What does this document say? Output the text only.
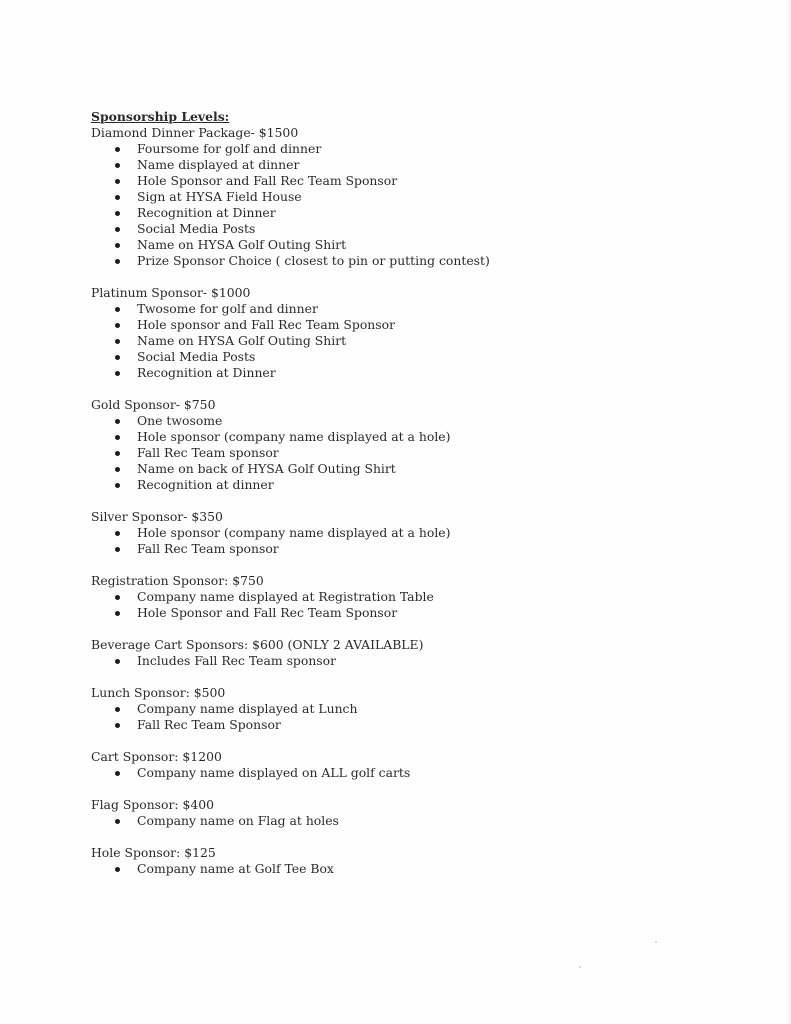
Sponsorship Levels:
Diamond Dinner Package- $1500
Foursome for golf and dinner
Name displayed at dinner
Hole Sponsor and Fall Rec Team Sponsor
Sign at HYSA Field House
Recognition at Dinner
Social Media Posts
Name on HYSA Golf Outing Shirt
Prize Sponsor Choice ( closest to pin or putting contest)
Platinum Sponsor- $1000
Twosome for golf and dinner
Hole sponsor and Fall Rec Team Sponsor
Name on HYSA Golf Outing Shirt
Social Media Posts
Recognition at Dinner
Gold Sponsor- $750
One twosome
Hole sponsor (company name displayed at a hole)
Fall Rec Team sponsor
Name on back of HYSA Golf Outing Shirt
Recognition at dinner
Silver Sponsor- $350
Hole sponsor (company name displayed at a hole)
Fall Rec Team sponsor
Registration Sponsor: $750
Company name displayed at Registration Table
Hole Sponsor and Fall Rec Team Sponsor
Beverage Cart Sponsors: $600 (ONLY 2 AVAILABLE)
Includes Fall Rec Team sponsor
Lunch Sponsor: $500
Company name displayed at Lunch
Fall Rec Team Sponsor
Cart Sponsor: $1200
Company name displayed on ALL golf carts
Flag Sponsor: $400
Company name on Flag at holes
Hole Sponsor: $125
Company name at Golf Tee Box
